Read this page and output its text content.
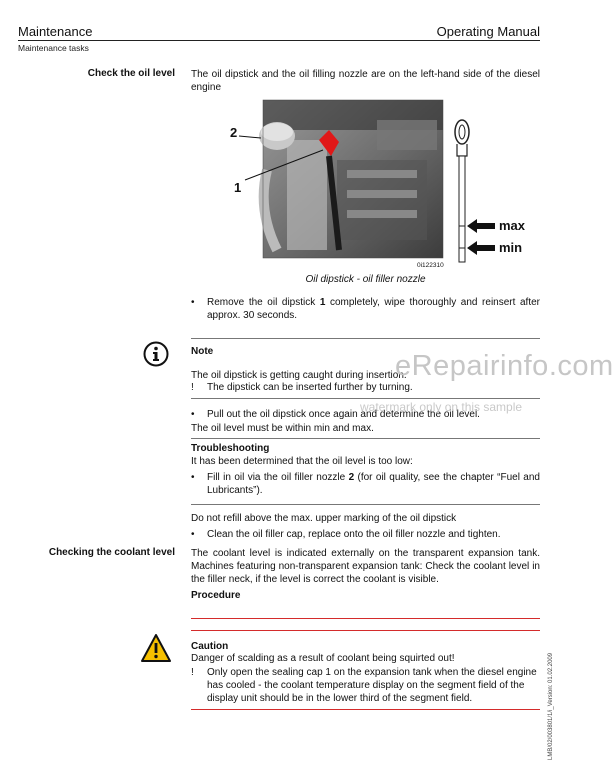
Maintenance	Operating Manual
Maintenance tasks
Check the oil level The oil dipstick and the oil filling nozzle are on the left-hand side of the diesel engine
2
1
max
min
0i122310
Oil dipstick - oil filler nozzle
• Remove the oil dipstick 1 completely, wipe thoroughly and reinsert after approx. 30 seconds.
Note
The oil dipstick is getting caught during insertion.
! The dipstick can be inserted further by turning.
• Pull out the oil dipstick once again and determine the oil level.
The oil level must be within min and max.
Troubleshooting
It has been determined that the oil level is too low:
• Fill in oil via the oil filler nozzle 2 (for oil quality, see the chapter “Fuel and Lubricants”).
Do not refill above the max. upper marking of the oil dipstick
• Clean the oil filler cap, replace onto the oil filler nozzle and tighten.
Checking the coolant level The coolant level is indicated externally on the transparent expansion tank. Machines featuring non-transparent expansion tank: Check the coolant level in the filler neck, if the level is correct the coolant is visible.
Procedure
Caution
Danger of scalding as a result of coolant being squirted out!
! Only open the sealing cap 1 on the expansion tank when the diesel engine has cooled - the coolant temperature display on the segment field of the display unit should be in the lower third of the segment field.
eRepairinfo.com
watermark only on this sample
LMB/02/003801/1/i_Version: 01.02.2009
